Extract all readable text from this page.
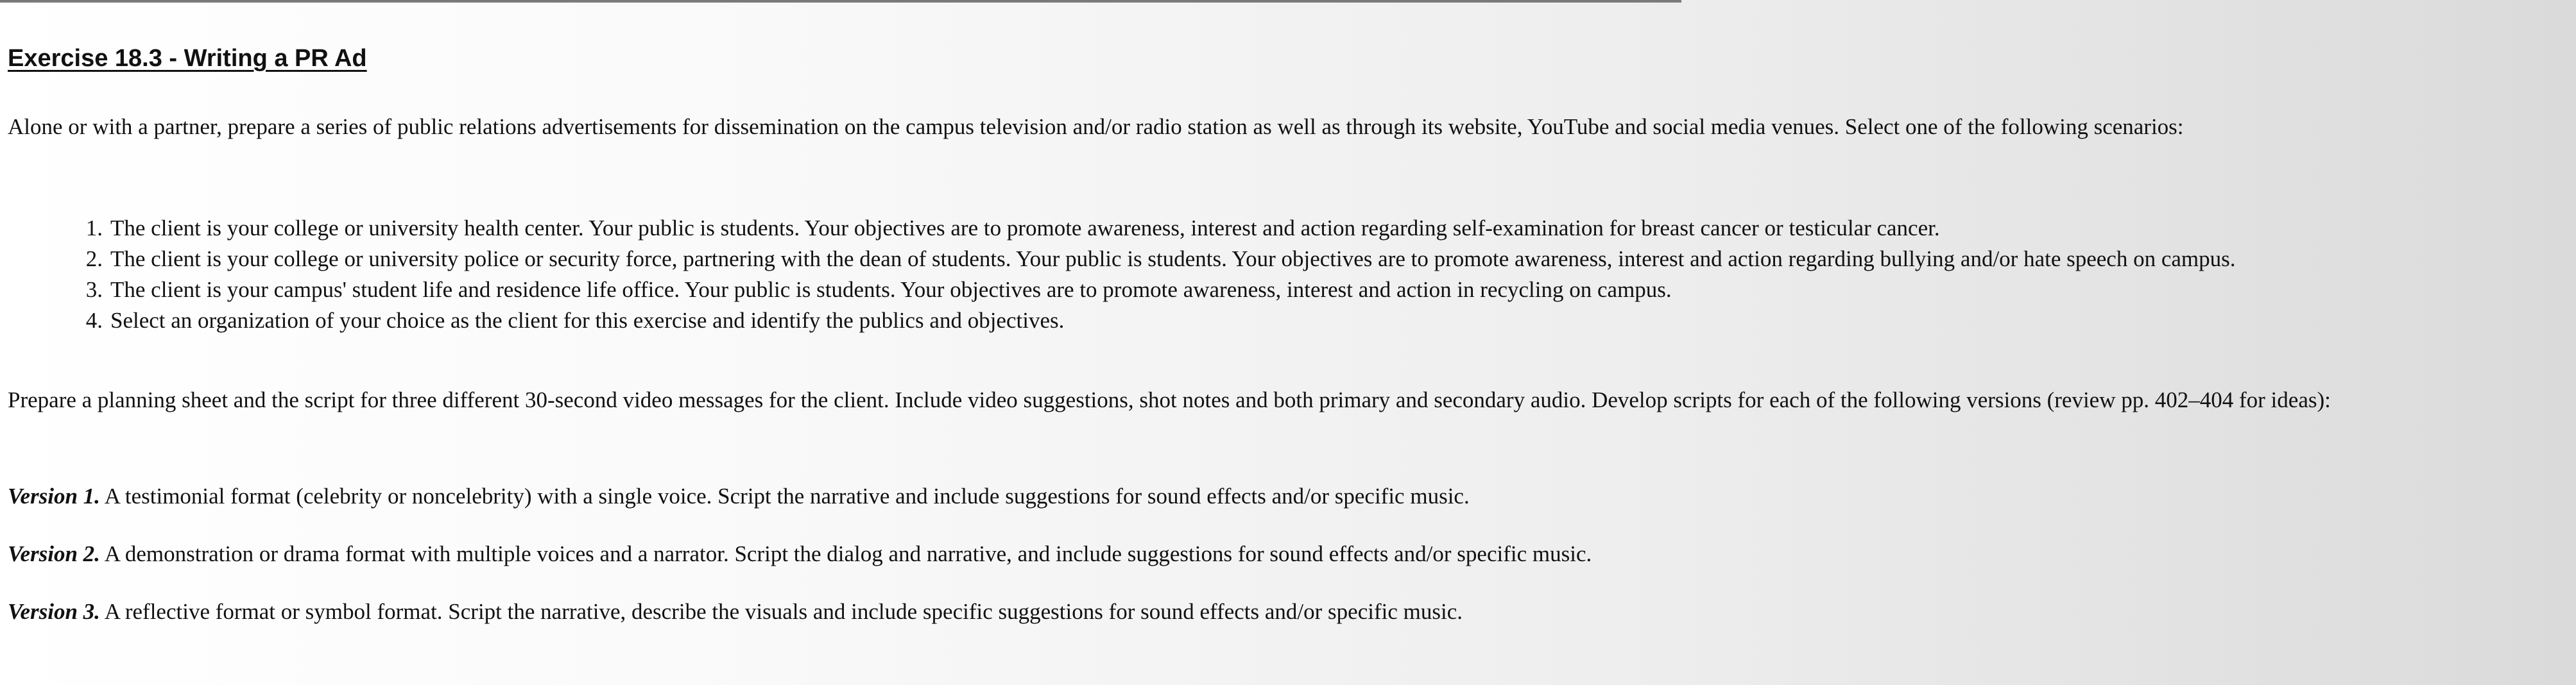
Exercise 18.3 - Writing a PR Ad

Alone or with a partner, prepare a series of public relations advertisements for dissemination on the campus television and/or radio station as well as through its website, YouTube and social media venues. Select one of the following scenarios:

1. The client is your college or university health center. Your public is students. Your objectives are to promote awareness, interest and action regarding self-examination for breast cancer or testicular cancer.
2. The client is your college or university police or security force, partnering with the dean of students. Your public is students. Your objectives are to promote awareness, interest and action regarding bullying and/or hate speech on campus.
3. The client is your campus' student life and residence life office. Your public is students. Your objectives are to promote awareness, interest and action in recycling on campus.
4. Select an organization of your choice as the client for this exercise and identify the publics and objectives.

Prepare a planning sheet and the script for three different 30-second video messages for the client. Include video suggestions, shot notes and both primary and secondary audio. Develop scripts for each of the following versions (review pp. 402–404 for ideas):

Version 1. A testimonial format (celebrity or noncelebrity) with a single voice. Script the narrative and include suggestions for sound effects and/or specific music.

Version 2. A demonstration or drama format with multiple voices and a narrator. Script the dialog and narrative, and include suggestions for sound effects and/or specific music.

Version 3. A reflective format or symbol format. Script the narrative, describe the visuals and include specific suggestions for sound effects and/or specific music.
